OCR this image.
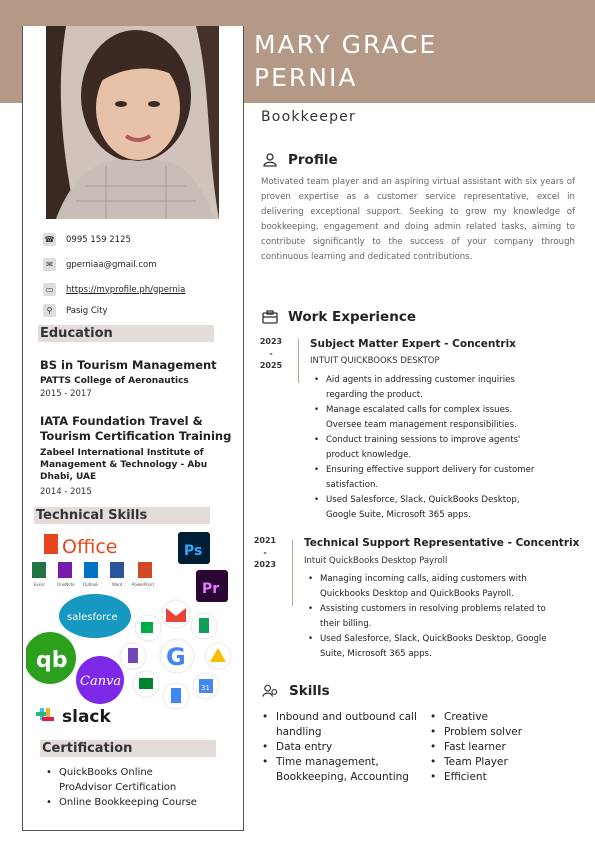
MARY GRACE
PERNIA
Bookkeeper
☎ 0995 159 2125
✉	gperniaa@gmail.com
▭	https://myprofile.ph/gpernia
⚲	Pasig City
Education
BS in Tourism Management
PATTS College of Aeronautics
2015 - 2017
IATA Foundation Travel &
Tourism Certification Training
Zabeel International Institute of
Management & Technology - Abu
Dhabi, UAE
2014 - 2015
Technical Skills
Office
Excel	OneNote Outlook	Word PowerPoint
Ps
Pr
salesforce
G
31
qb
Canva
slack
Certification
• QuickBooks Online ProAdvisor Certification
• Online Bookkeeping Course
Profile
Motivated team player and an aspiring virtual assistant with six years of proven expertise as a customer service representative, excel in delivering exceptional support. Seeking to grow my knowledge of bookkeeping, engagement and doing admin related tasks, aiming to contribute significantly to the success of your company through continuous learning and dedicated contributions.
Work Experience
2023
-
2025
Subject Matter Expert - Concentrix
INTUIT QUICKBOOKS DESKTOP
• Aid agents in addressing customer inquiries regarding the product.
• Manage escalated calls for complex issues. Oversee team management responsibilities.
• Conduct training sessions to improve agents' product knowledge.
• Ensuring effective support delivery for customer satisfaction.
• Used Salesforce, Slack, QuickBooks Desktop, Google Suite, Microsoft 365 apps.
2021
-
2023
Technical Support Representative - Concentrix
Intuit QuickBooks Desktop Payroll
• Managing incoming calls, aiding customers with Quickbooks Desktop and QuickBooks Payroll.
• Assisting customers in resolving problems related to their billing.
• Used Salesforce, Slack, QuickBooks Desktop, Google Suite, Microsoft 365 apps.
Skills
• Inbound and outbound call handling
• Data entry
• Time management, Bookkeeping, Accounting
• Creative
• Problem solver
• Fast learner
• Team Player
• Efficient
